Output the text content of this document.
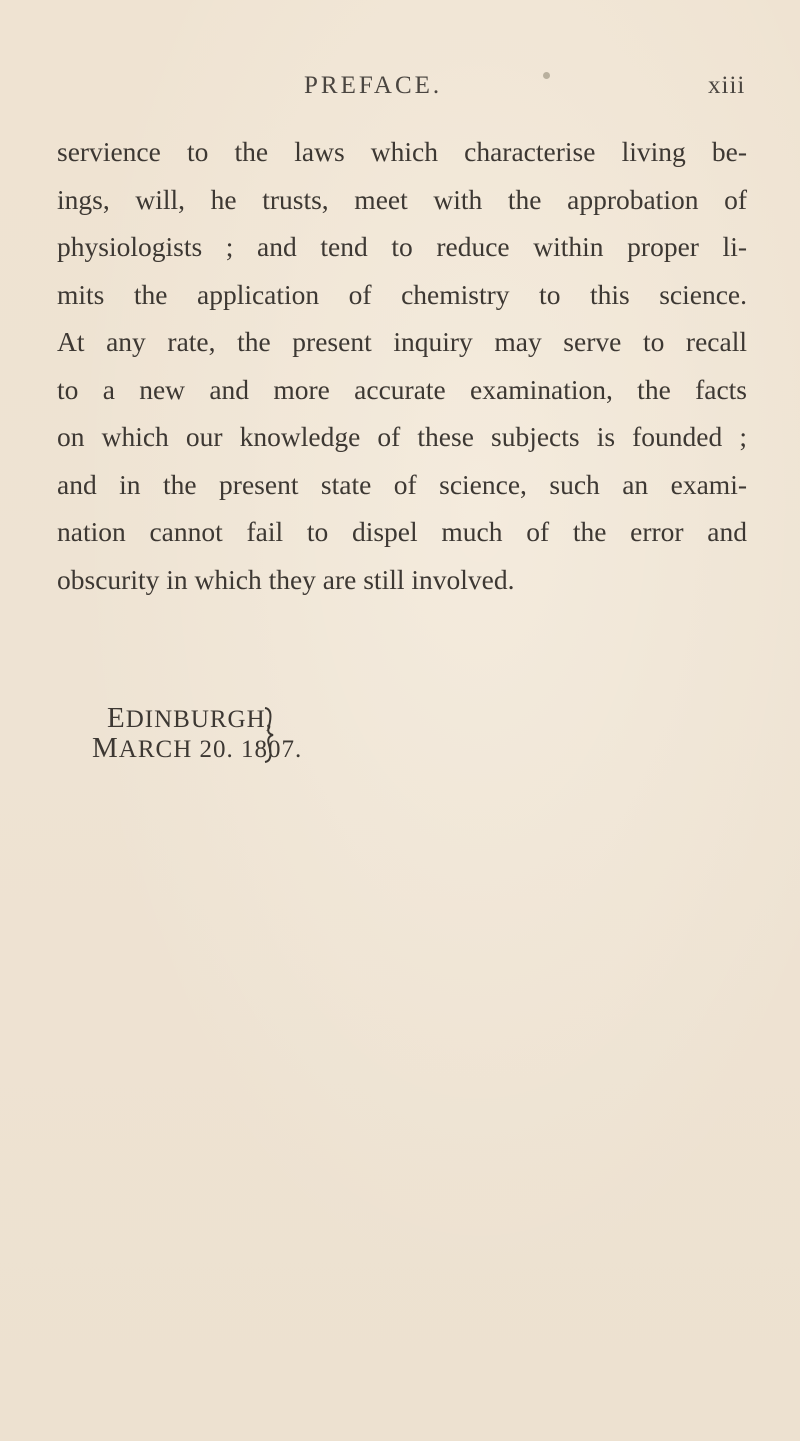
PREFACE.	xiii
servience to the laws which characterise living be-
ings, will, he trusts, meet with the approbation of
physiologists ; and tend to reduce within proper li-
mits the application of chemistry to this science.
At any rate, the present inquiry may serve to recall
to a new and more accurate examination, the facts
on which our knowledge of these subjects is founded ;
and in the present state of science, such an exami-
nation cannot fail to dispel much of the error and
obscurity in which they are still involved.
EDINBURGH,
MARCH 20. 1807.
